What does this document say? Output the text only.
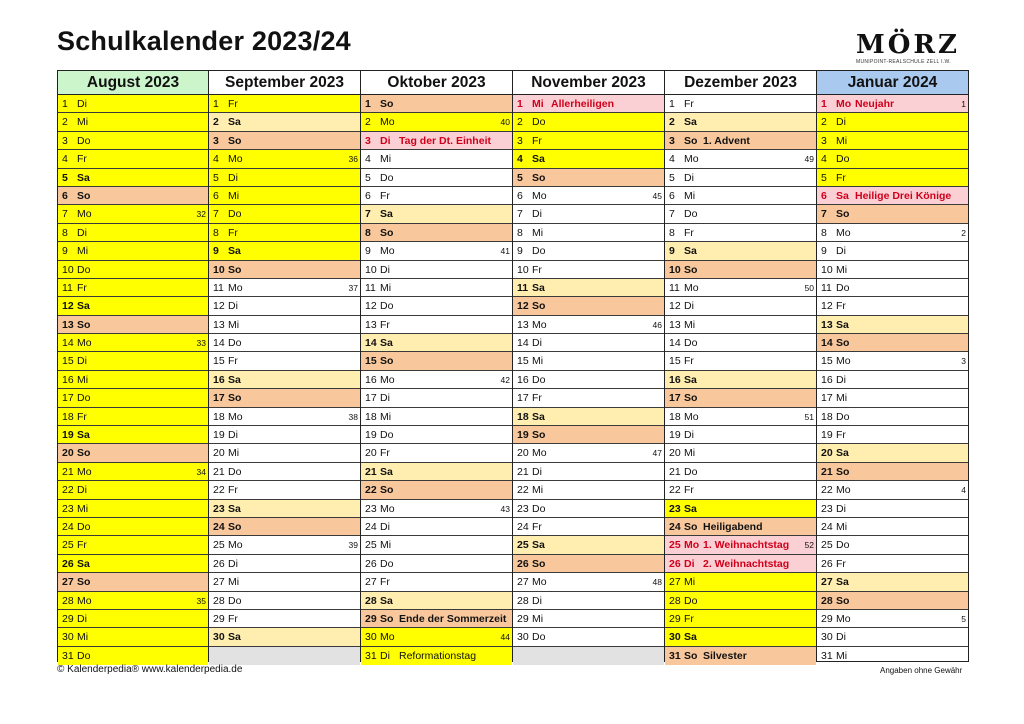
Schulkalender 2023/24	MÖRZ
MUNIPOINT-REALSCHULE ZELL I.W.
August 2023
1 Di
2 Mi
3 Do
4 Fr
5 Sa
6 So
7 Mo	32
8 Di
9 Mi
10 Do
11 Fr
12 Sa
13 So
14 Mo	33
15 Di
16 Mi
17 Do
18 Fr
19 Sa
20 So
21 Mo	34
22 Di
23 Mi
24 Do
25 Fr
26 Sa
27 So
28 Mo	35
29 Di
30 Mi
31 Do
September 2023
1 Fr
2 Sa
3 So
4 Mo	36
5 Di
6 Mi
7 Do
8 Fr
9 Sa
10 So
11 Mo	37
12 Di
13 Mi
14 Do
15 Fr
16 Sa
17 So
18 Mo	38
19 Di
20 Mi
21 Do
22 Fr
23 Sa
24 So
25 Mo	39
26 Di
27 Mi
28 Do
29 Fr
30 Sa
Oktober 2023
1 So
2 Mo	40
3 Di Tag der Dt. Einheit
4 Mi
5 Do
6 Fr
7 Sa
8 So
9 Mo	41
10 Di
11 Mi
12 Do
13 Fr
14 Sa
15 So
16 Mo	42
17 Di
18 Mi
19 Do
20 Fr
21 Sa
22 So
23 Mo	43
24 Di
25 Mi
26 Do
27 Fr
28 Sa
29 So Ende der Sommerzeit
30 Mo	44
31 Di Reformationstag
November 2023
1 Mi Allerheiligen
2 Do
3 Fr
4 Sa
5 So
6 Mo	45
7 Di
8 Mi
9 Do
10 Fr
11 Sa
12 So
13 Mo	46
14 Di
15 Mi
16 Do
17 Fr
18 Sa
19 So
20 Mo	47
21 Di
22 Mi
23 Do
24 Fr
25 Sa
26 So
27 Mo	48
28 Di
29 Mi
30 Do
Dezember 2023
1 Fr
2 Sa
3 So 1. Advent
4 Mo	49
5 Di
6 Mi
7 Do
8 Fr
9 Sa
10 So
11 Mo	50
12 Di
13 Mi
14 Do
15 Fr
16 Sa
17 So
18 Mo	51
19 Di
20 Mi
21 Do
22 Fr
23 Sa
24 So Heiligabend
25 Mo 1. Weihnachtstag 52
26 Di 2. Weihnachtstag
27 Mi
28 Do
29 Fr
30 Sa
31 So Silvester
Januar 2024
1 Mo Neujahr	1
2 Di
3 Mi
4 Do
5 Fr
6 Sa Heilige Drei Könige
7 So
8 Mo	2
9 Di
10 Mi
11 Do
12 Fr
13 Sa
14 So
15 Mo	3
16 Di
17 Mi
18 Do
19 Fr
20 Sa
21 So
22 Mo	4
23 Di
24 Mi
25 Do
26 Fr
27 Sa
28 So
29 Mo	5
30 Di
31 Mi
© Kalenderpedia® www.kalenderpedia.de	Angaben ohne Gewähr
